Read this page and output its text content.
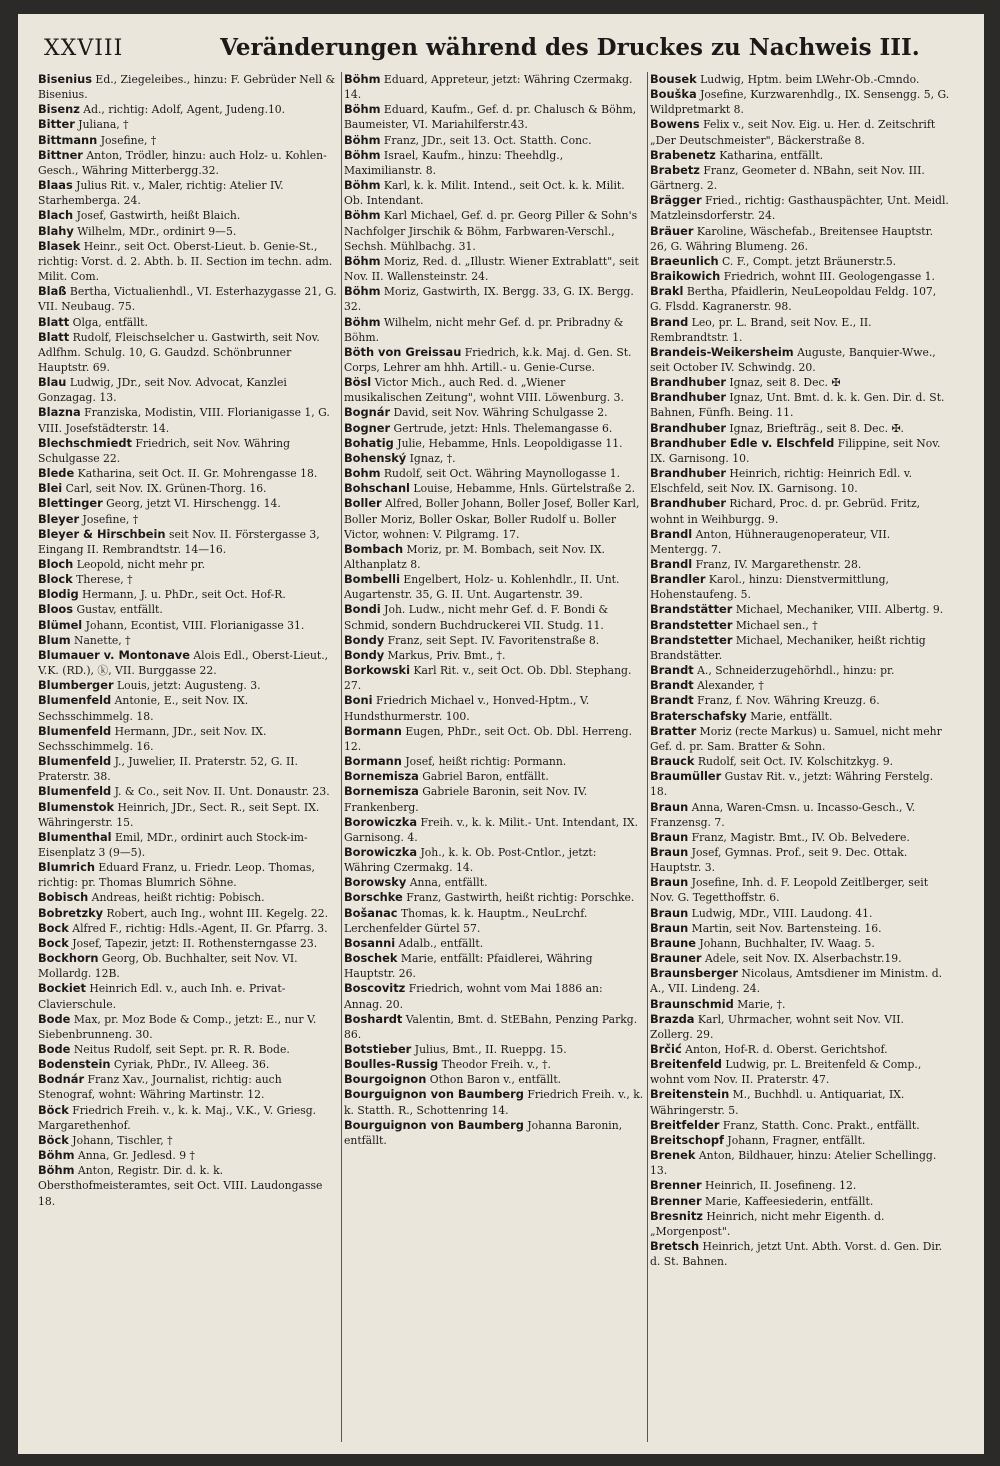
XXVIII	Veränderungen während des Druckes zu Nachweis III.

Bisenius Ed., Ziegeleibes., hinzu: F. Gebrüder Nell & Bisenius.

Bisenz Ad., richtig: Adolf, Agent, Judeng.10.

Bitter Juliana, †

Bittmann Josefine, †

Bittner Anton, Trödler, hinzu: auch Holz- u. Kohlen-Gesch., Währing Mitterbergg.32.

Blaas Julius Rit. v., Maler, richtig: Atelier IV. Starhemberga. 24.

Blach Josef, Gastwirth, heißt Blaich.

Blahy Wilhelm, MDr., ordinirt 9—5.

Blasek Heinr., seit Oct. Oberst-Lieut. b. Genie-St., richtig: Vorst. d. 2. Abth. b. II. Section im techn. adm. Milit. Com.

Blaß Bertha, Victualienhdl., VI. Esterhazygasse 21, G. VII. Neubaug. 75.

Blatt Olga, entfällt.

Blatt Rudolf, Fleischselcher u. Gastwirth, seit Nov. Adlfhm. Schulg. 10, G. Gaudzd. Schönbrunner Hauptstr. 69.

Blau Ludwig, JDr., seit Nov. Advocat, Kanzlei Gonzagag. 13.

Blazna Franziska, Modistin, VIII. Florianigasse 1, G. VIII. Josefstädterstr. 14.

Blechschmiedt Friedrich, seit Nov. Währing Schulgasse 22.

Blede Katharina, seit Oct. II. Gr. Mohrengasse 18.

Blei Carl, seit Nov. IX. Grünen-Thorg. 16.

Blettinger Georg, jetzt VI. Hirschengg. 14.

Bleyer Josefine, †

Bleyer & Hirschbein seit Nov. II. Förstergasse 3, Eingang II. Rembrandtstr. 14—16.

Bloch Leopold, nicht mehr pr.

Block Therese, †

Blodig Hermann, J. u. PhDr., seit Oct. Hof-R.

Bloos Gustav, entfällt.

Blümel Johann, Econtist, VIII. Florianigasse 31.

Blum Nanette, †

Blumauer v. Montonave Alois Edl., Oberst-Lieut., V.K. (RD.), ⓚ, VII. Burggasse 22.

Blumberger Louis, jetzt: Augusteng. 3.

Blumenfeld Antonie, E., seit Nov. IX. Sechsschimmelg. 18.

Blumenfeld Hermann, JDr., seit Nov. IX. Sechsschimmelg. 16.

Blumenfeld J., Juwelier, II. Praterstr. 52, G. II. Praterstr. 38.

Blumenfeld J. & Co., seit Nov. II. Unt. Donaustr. 23.

Blumenstok Heinrich, JDr., Sect. R., seit Sept. IX. Währingerstr. 15.

Blumenthal Emil, MDr., ordinirt auch Stock-im-Eisenplatz 3 (9—5).

Blumrich Eduard Franz, u. Friedr. Leop. Thomas, richtig: pr. Thomas Blumrich Söhne.

Bobisch Andreas, heißt richtig: Pobisch.

Bobretzky Robert, auch Ing., wohnt III. Kegelg. 22.

Bock Alfred F., richtig: Hdls.-Agent, II. Gr. Pfarrg. 3.

Bock Josef, Tapezir, jetzt: II. Rothensterngasse 23.

Bockhorn Georg, Ob. Buchhalter, seit Nov. VI. Mollardg. 12B.

Bockiet Heinrich Edl. v., auch Inh. e. Privat-Clavierschule.

Bode Max, pr. Moz Bode & Comp., jetzt: E., nur V. Siebenbrunneng. 30.

Bode Neitus Rudolf, seit Sept. pr. R. R. Bode.

Bodenstein Cyriak, PhDr., IV. Alleeg. 36.

Bodnár Franz Xav., Journalist, richtig: auch Stenograf, wohnt: Währing Martinstr. 12.

Böck Friedrich Freih. v., k. k. Maj., V.K., V. Griesg. Margarethenhof.

Böck Johann, Tischler, †

Böhm Anna, Gr. Jedlesd. 9 †

Böhm Anton, Registr. Dir. d. k. k. Obersthofmeisteramtes, seit Oct. VIII. Laudongasse 18.

Böhm Eduard, Appreteur, jetzt: Währing Czermakg. 14.

Böhm Eduard, Kaufm., Gef. d. pr. Chalusch & Böhm, Baumeister, VI. Mariahilferstr.43.

Böhm Franz, JDr., seit 13. Oct. Statth. Conc.

Böhm Israel, Kaufm., hinzu: Theehdlg., Maximilianstr. 8.

Böhm Karl, k. k. Milit. Intend., seit Oct. k. k. Milit. Ob. Intendant.

Böhm Karl Michael, Gef. d. pr. Georg Piller & Sohn's Nachfolger Jirschik & Böhm, Farbwaren-Verschl., Sechsh. Mühlbachg. 31.

Böhm Moriz, Red. d. „Illustr. Wiener Extrablatt", seit Nov. II. Wallensteinstr. 24.

Böhm Moriz, Gastwirth, IX. Bergg. 33, G. IX. Bergg. 32.

Böhm Wilhelm, nicht mehr Gef. d. pr. Pribradny & Böhm.

Böth von Greissau Friedrich, k.k. Maj. d. Gen. St. Corps, Lehrer am hhh. Artill.- u. Genie-Curse.

Bösl Victor Mich., auch Red. d. „Wiener musikalischen Zeitung", wohnt VIII. Löwenburg. 3.

Bognár David, seit Nov. Währing Schulgasse 2.

Bogner Gertrude, jetzt: Hnls. Thelemangasse 6.

Bohatig Julie, Hebamme, Hnls. Leopoldigasse 11.

Bohenský Ignaz, †.

Bohm Rudolf, seit Oct. Währing Maynollogasse 1.

Bohschanl Louise, Hebamme, Hnls. Gürtelstraße 2.

Boller Alfred, Boller Johann, Boller Josef, Boller Karl, Boller Moriz, Boller Oskar, Boller Rudolf u. Boller Victor, wohnen: V. Pilgramg. 17.

Bombach Moriz, pr. M. Bombach, seit Nov. IX. Althanplatz 8.

Bombelli Engelbert, Holz- u. Kohlenhdlr., II. Unt. Augartenstr. 35, G. II. Unt. Augartenstr. 39.

Bondi Joh. Ludw., nicht mehr Gef. d. F. Bondi & Schmid, sondern Buchdruckerei VII. Studg. 11.

Bondy Franz, seit Sept. IV. Favoritenstraße 8.

Bondy Markus, Priv. Bmt., †.

Borkowski Karl Rit. v., seit Oct. Ob. Dbl. Stephang. 27.

Boni Friedrich Michael v., Honved-Hptm., V. Hundsthurmerstr. 100.

Bormann Eugen, PhDr., seit Oct. Ob. Dbl. Herreng. 12.

Bormann Josef, heißt richtig: Pormann.

Bornemisza Gabriel Baron, entfällt.

Bornemisza Gabriele Baronin, seit Nov. IV. Frankenberg.

Borowiczka Freih. v., k. k. Milit.- Unt. Intendant, IX. Garnisong. 4.

Borowiczka Joh., k. k. Ob. Post-Cntlor., jetzt: Währing Czermakg. 14.

Borowsky Anna, entfällt.

Borschke Franz, Gastwirth, heißt richtig: Porschke.

Bošanac Thomas, k. k. Hauptm., NeuLrchf. Lerchenfelder Gürtel 57.

Bosanni Adalb., entfällt.

Boschek Marie, entfällt: Pfaidlerei, Währing Hauptstr. 26.

Boscovitz Friedrich, wohnt vom Mai 1886 an: Annag. 20.

Boshardt Valentin, Bmt. d. StEBahn, Penzing Parkg. 86.

Botstieber Julius, Bmt., II. Rueppg. 15.

Boulles-Russig Theodor Freih. v., †.

Bourgoignon Othon Baron v., entfällt.

Bourguignon von Baumberg Friedrich Freih. v., k. k. Statth. R., Schottenring 14.

Bourguignon von Baumberg Johanna Baronin, entfällt.

Bousek Ludwig, Hptm. beim LWehr-Ob.-Cmndo.

Bouška Josefine, Kurzwarenhdlg., IX. Sensengg. 5, G. Wildpretmarkt 8.

Bowens Felix v., seit Nov. Eig. u. Her. d. Zeitschrift „Der Deutschmeister", Bäckerstraße 8.

Brabenetz Katharina, entfällt.

Brabetz Franz, Geometer d. NBahn, seit Nov. III. Gärtnerg. 2.

Brägger Fried., richtig: Gasthauspächter, Unt. Meidl. Matzleinsdorferstr. 24.

Bräuer Karoline, Wäschefab., Breitensee Hauptstr. 26, G. Währing Blumeng. 26.

Braeunlich C. F., Compt. jetzt Bräunerstr.5.

Braikowich Friedrich, wohnt III. Geologengasse 1.

Brakl Bertha, Pfaidlerin, NeuLeopoldau Feldg. 107, G. Flsdd. Kagranerstr. 98.

Brand Leo, pr. L. Brand, seit Nov. E., II. Rembrandtstr. 1.

Brandeis-Weikersheim Auguste, Banquier-Wwe., seit October IV. Schwindg. 20.

Brandhuber Ignaz, seit 8. Dec. ✠

Brandhuber Ignaz, Unt. Bmt. d. k. k. Gen. Dir. d. St. Bahnen, Fünfh. Being. 11.

Brandhuber Ignaz, Briefträg., seit 8. Dec. ✠.

Brandhuber Edle v. Elschfeld Filippine, seit Nov. IX. Garnisong. 10.

Brandhuber Heinrich, richtig: Heinrich Edl. v. Elschfeld, seit Nov. IX. Garnisong. 10.

Brandhuber Richard, Proc. d. pr. Gebrüd. Fritz, wohnt in Weihburgg. 9.

Brandl Anton, Hühneraugenoperateur, VII. Mentergg. 7.

Brandl Franz, IV. Margarethenstr. 28.

Brandler Karol., hinzu: Dienstvermittlung, Hohenstaufeng. 5.

Brandstätter Michael, Mechaniker, VIII. Albertg. 9.

Brandstetter Michael sen., †

Brandstetter Michael, Mechaniker, heißt richtig Brandstätter.

Brandt A., Schneiderzugehörhdl., hinzu: pr.

Brandt Alexander, †

Brandt Franz, f. Nov. Währing Kreuzg. 6.

Braterschafsky Marie, entfällt.

Bratter Moriz (recte Markus) u. Samuel, nicht mehr Gef. d. pr. Sam. Bratter & Sohn.

Brauck Rudolf, seit Oct. IV. Kolschitzkyg. 9.

Braumüller Gustav Rit. v., jetzt: Währing Ferstelg. 18.

Braun Anna, Waren-Cmsn. u. Incasso-Gesch., V. Franzensg. 7.

Braun Franz, Magistr. Bmt., IV. Ob. Belvedere.

Braun Josef, Gymnas. Prof., seit 9. Dec. Ottak. Hauptstr. 3.

Braun Josefine, Inh. d. F. Leopold Zeitlberger, seit Nov. G. Tegetthoffstr. 6.

Braun Ludwig, MDr., VIII. Laudong. 41.

Braun Martin, seit Nov. Bartensteing. 16.

Braune Johann, Buchhalter, IV. Waag. 5.

Brauner Adele, seit Nov. IX. Alserbachstr.19.

Braunsberger Nicolaus, Amtsdiener im Ministm. d. A., VII. Lindeng. 24.

Braunschmid Marie, †.

Brazda Karl, Uhrmacher, wohnt seit Nov. VII. Zollerg. 29.

Brčić Anton, Hof-R. d. Oberst. Gerichtshof.

Breitenfeld Ludwig, pr. L. Breitenfeld & Comp., wohnt vom Nov. II. Praterstr. 47.

Breitenstein M., Buchhdl. u. Antiquariat, IX. Währingerstr. 5.

Breitfelder Franz, Statth. Conc. Prakt., entfällt.

Breitschopf Johann, Fragner, entfällt.

Brenek Anton, Bildhauer, hinzu: Atelier Schellingg. 13.

Brenner Heinrich, II. Josefineng. 12.

Brenner Marie, Kaffeesiederin, entfällt.

Bresnitz Heinrich, nicht mehr Eigenth. d. „Morgenpost".

Bretsch Heinrich, jetzt Unt. Abth. Vorst. d. Gen. Dir. d. St. Bahnen.
